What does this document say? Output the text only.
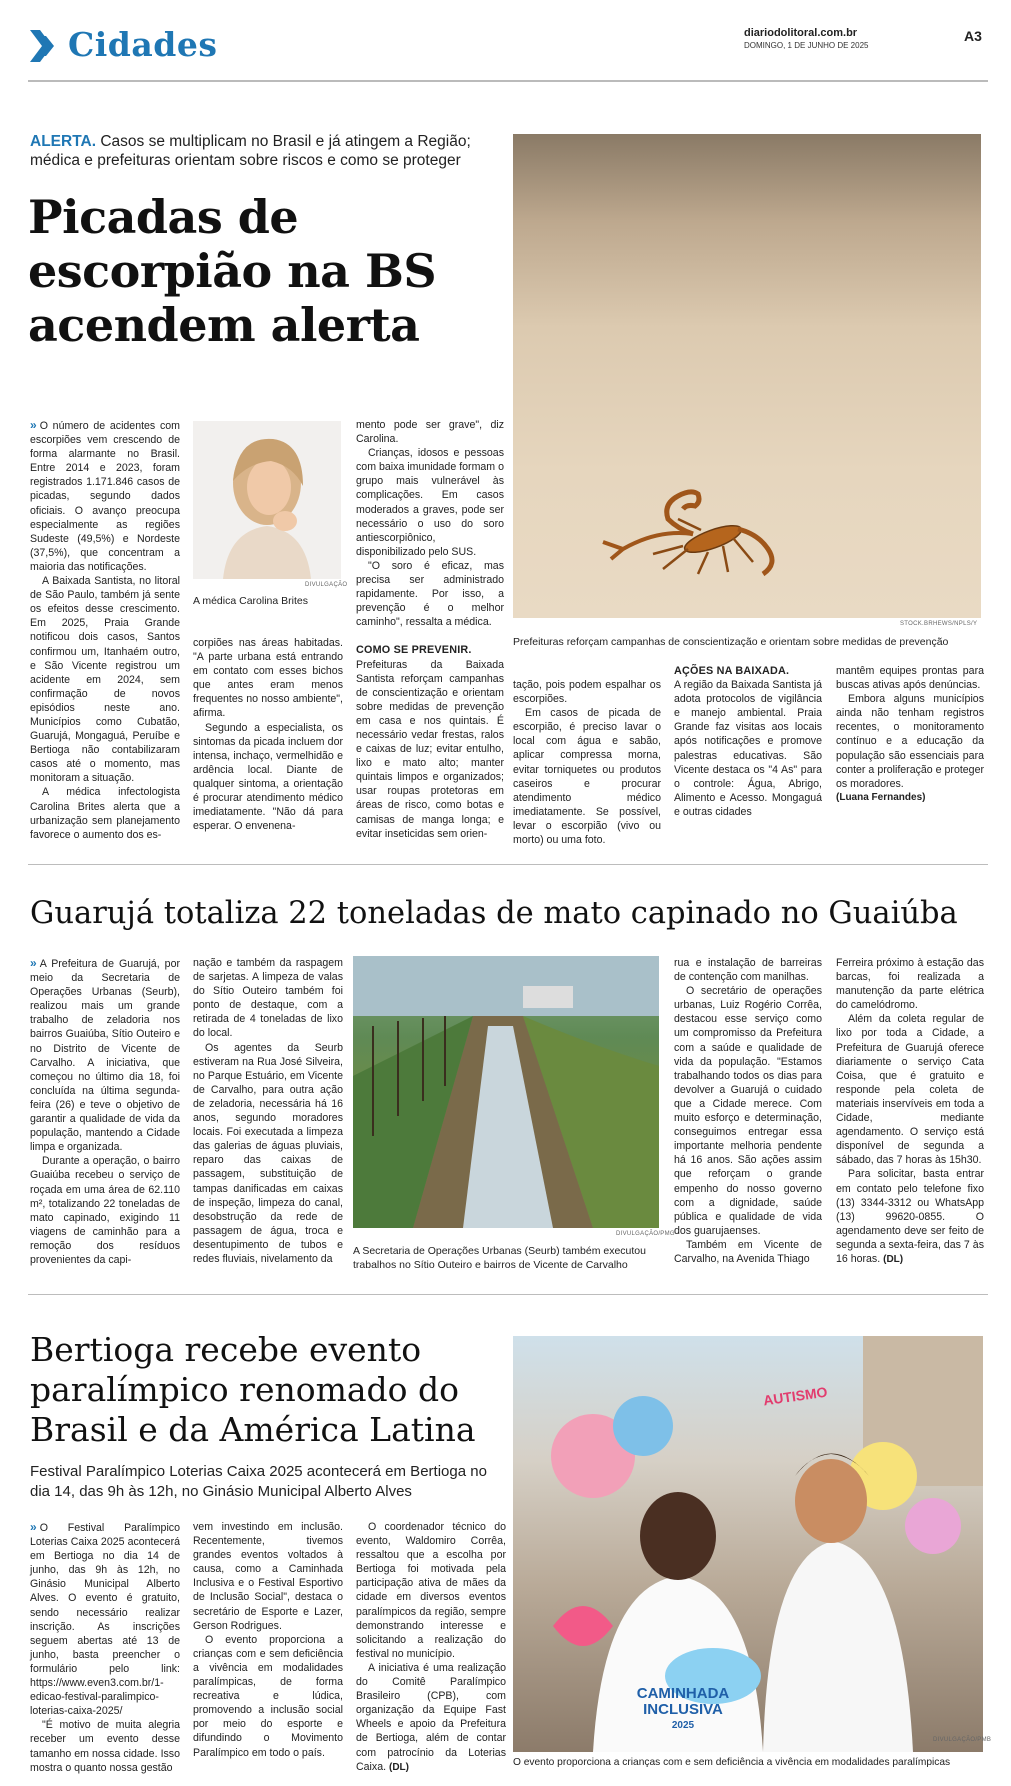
Cidades	diariodolitoral.com.br
DOMINGO, 1 DE JUNHO DE 2025
A3
ALERTA. Casos se multiplicam no Brasil e já atingem a Região; médica e prefeituras orientam sobre riscos e como se proteger
Picadas de
escorpião na BS
acendem alerta
STOCK.BRHEWS/NPLS/Y
Prefeituras reforçam campanhas de conscientização e orientam sobre medidas de prevenção
DIVULGAÇÃO
A médica Carolina Brites

» O número de acidentes com escorpiões vem crescendo de forma alarmante no Brasil. Entre 2014 e 2023, foram registrados 1.171.846 casos de picadas, segundo dados oficiais. O avanço preocupa especialmente as regiões Sudeste (49,5%) e Nordeste (37,5%), que concentram a maioria das notificações.

A Baixada Santista, no litoral de São Paulo, também já sente os efeitos desse crescimento. Em 2025, Praia Grande notificou dois casos, Santos confirmou um, Itanhaém outro, e São Vicente registrou um acidente em 2024, sem confirmação de novos episódios neste ano. Municípios como Cubatão, Guarujá, Mongaguá, Peruíbe e Bertioga não contabilizaram casos até o momento, mas monitoram a situação.

A médica infectologista Carolina Brites alerta que a urbanização sem planejamento favorece o aumento dos es-

corpiões nas áreas habitadas. "A parte urbana está entrando em contato com esses bichos que antes eram menos frequentes no nosso ambiente", afirma.

Segundo a especialista, os sintomas da picada incluem dor intensa, inchaço, vermelhidão e ardência local. Diante de qualquer sintoma, a orientação é procurar atendimento médico imediatamente. "Não dá para esperar. O envenena-

mento pode ser grave", diz Carolina.

Crianças, idosos e pessoas com baixa imunidade formam o grupo mais vulnerável às complicações. Em casos moderados a graves, pode ser necessário o uso do soro antiescorpiônico, disponibilizado pelo SUS.

"O soro é eficaz, mas precisa ser administrado rapidamente. Por isso, a prevenção é o melhor caminho", ressalta a médica.

COMO SE PREVENIR.

Prefeituras da Baixada Santista reforçam campanhas de conscientização e orientam sobre medidas de prevenção em casa e nos quintais. É necessário vedar frestas, ralos e caixas de luz; evitar entulho, lixo e mato alto; manter quintais limpos e organizados; usar roupas protetoras em áreas de risco, como botas e camisas de manga longa; e evitar inseticidas sem orien-

tação, pois podem espalhar os escorpiões.

Em casos de picada de escorpião, é preciso lavar o local com água e sabão, aplicar compressa morna, evitar torniquetes ou produtos caseiros e procurar atendimento médico imediatamente. Se possível, levar o escorpião (vivo ou morto) ou uma foto.

AÇÕES NA BAIXADA.

A região da Baixada Santista já adota protocolos de vigilância e manejo ambiental. Praia Grande faz visitas aos locais após notificações e promove palestras educativas. São Vicente destaca os "4 As" para o controle: Água, Abrigo, Alimento e Acesso. Mongaguá e outras cidades

mantêm equipes prontas para buscas ativas após denúncias.

Embora alguns municípios ainda não tenham registros recentes, o monitoramento contínuo e a educação da população são essenciais para conter a proliferação e proteger os moradores.

(Luana Fernandes)

Guarujá totaliza 22 toneladas de mato capinado no Guaiúba

» A Prefeitura de Guarujá, por meio da Secretaria de Operações Urbanas (Seurb), realizou mais um grande trabalho de zeladoria nos bairros Guaiúba, Sítio Outeiro e no Distrito de Vicente de Carvalho. A iniciativa, que começou no último dia 18, foi concluída na última segunda-feira (26) e teve o objetivo de garantir a qualidade de vida da população, mantendo a Cidade limpa e organizada.

Durante a operação, o bairro Guaiúba recebeu o serviço de roçada em uma área de 62.110 m², totalizando 22 toneladas de mato capinado, exigindo 11 viagens de caminhão para a remoção dos resíduos provenientes da capi-

nação e também da raspagem de sarjetas. A limpeza de valas do Sítio Outeiro também foi ponto de destaque, com a retirada de 4 toneladas de lixo do local.

Os agentes da Seurb estiveram na Rua José Silveira, no Parque Estuário, em Vicente de Carvalho, para outra ação de zeladoria, necessária há 16 anos, segundo moradores locais. Foi executada a limpeza das galerias de águas pluviais, reparo das caixas de passagem, substituição de tampas danificadas em caixas de inspeção, limpeza do canal, desobstrução da rede de passagem de água, troca e desentupimento de tubos e redes fluviais, nivelamento da

DIVULGAÇÃO/PMG
A Secretaria de Operações Urbanas (Seurb) também executou trabalhos no Sítio Outeiro e bairros de Vicente de Carvalho

rua e instalação de barreiras de contenção com manilhas.

O secretário de operações urbanas, Luiz Rogério Corrêa, destacou esse serviço como um compromisso da Prefeitura com a saúde e qualidade de vida da população. "Estamos trabalhando todos os dias para devolver a Guarujá o cuidado que a Cidade merece. Com muito esforço e determinação, conseguimos entregar essa importante melhoria pendente há 16 anos. São ações assim que reforçam o grande empenho do nosso governo com a dignidade, saúde pública e qualidade de vida dos guarujaenses.

Também em Vicente de Carvalho, na Avenida Thiago

Ferreira próximo à estação das barcas, foi realizada a manutenção da parte elétrica do camelódromo.

Além da coleta regular de lixo por toda a Cidade, a Prefeitura de Guarujá oferece diariamente o serviço Cata Coisa, que é gratuito e responde pela coleta de materiais inservíveis em toda a Cidade, mediante agendamento. O serviço está disponível de segunda a sábado, das 7 horas às 15h30.

Para solicitar, basta entrar em contato pelo telefone fixo (13) 3344-3312 ou WhatsApp (13) 99620-0855. O agendamento deve ser feito de segunda a sexta-feira, das 7 às 16 horas. (DL)

Bertioga recebe evento
paralímpico renomado do
Brasil e da América Latina
Festival Paralímpico Loterias Caixa 2025 acontecerá em Bertioga no dia 14, das 9h às 12h, no Ginásio Municipal Alberto Alves

» O Festival Paralímpico Loterias Caixa 2025 acontecerá em Bertioga no dia 14 de junho, das 9h às 12h, no Ginásio Municipal Alberto Alves. O evento é gratuito, sendo necessário realizar inscrição. As inscrições seguem abertas até 13 de junho, basta preencher o formulário pelo link: https://www.even3.com.br/1-edicao-festival-paralimpico-loterias-caixa-2025/

"É motivo de muita alegria receber um evento desse tamanho em nossa cidade. Isso mostra o quanto nossa gestão

vem investindo em inclusão. Recentemente, tivemos grandes eventos voltados à causa, como a Caminhada Inclusiva e o Festival Esportivo de Inclusão Social", destaca o secretário de Esporte e Lazer, Gerson Rodrigues.

O evento proporciona a crianças com e sem deficiência a vivência em modalidades paralímpicas, de forma recreativa e lúdica, promovendo a inclusão social por meio do esporte e difundindo o Movimento Paralímpico em todo o país.

O coordenador técnico do evento, Waldomiro Corrêa, ressaltou que a escolha por Bertioga foi motivada pela participação ativa de mães da cidade em diversos eventos paralímpicos da região, sempre demonstrando interesse e solicitando a realização do festival no município.

A iniciativa é uma realização do Comitê Paralímpico Brasileiro (CPB), com organização da Equipe Fast Wheels e apoio da Prefeitura de Bertioga, além de contar com patrocínio da Loterias Caixa. (DL)

CAMINHADA
INCLUSIVA
2025
AUTISMO
DIVULGAÇÃO/PMB
O evento proporciona a crianças com e sem deficiência a vivência em modalidades paralímpicas
